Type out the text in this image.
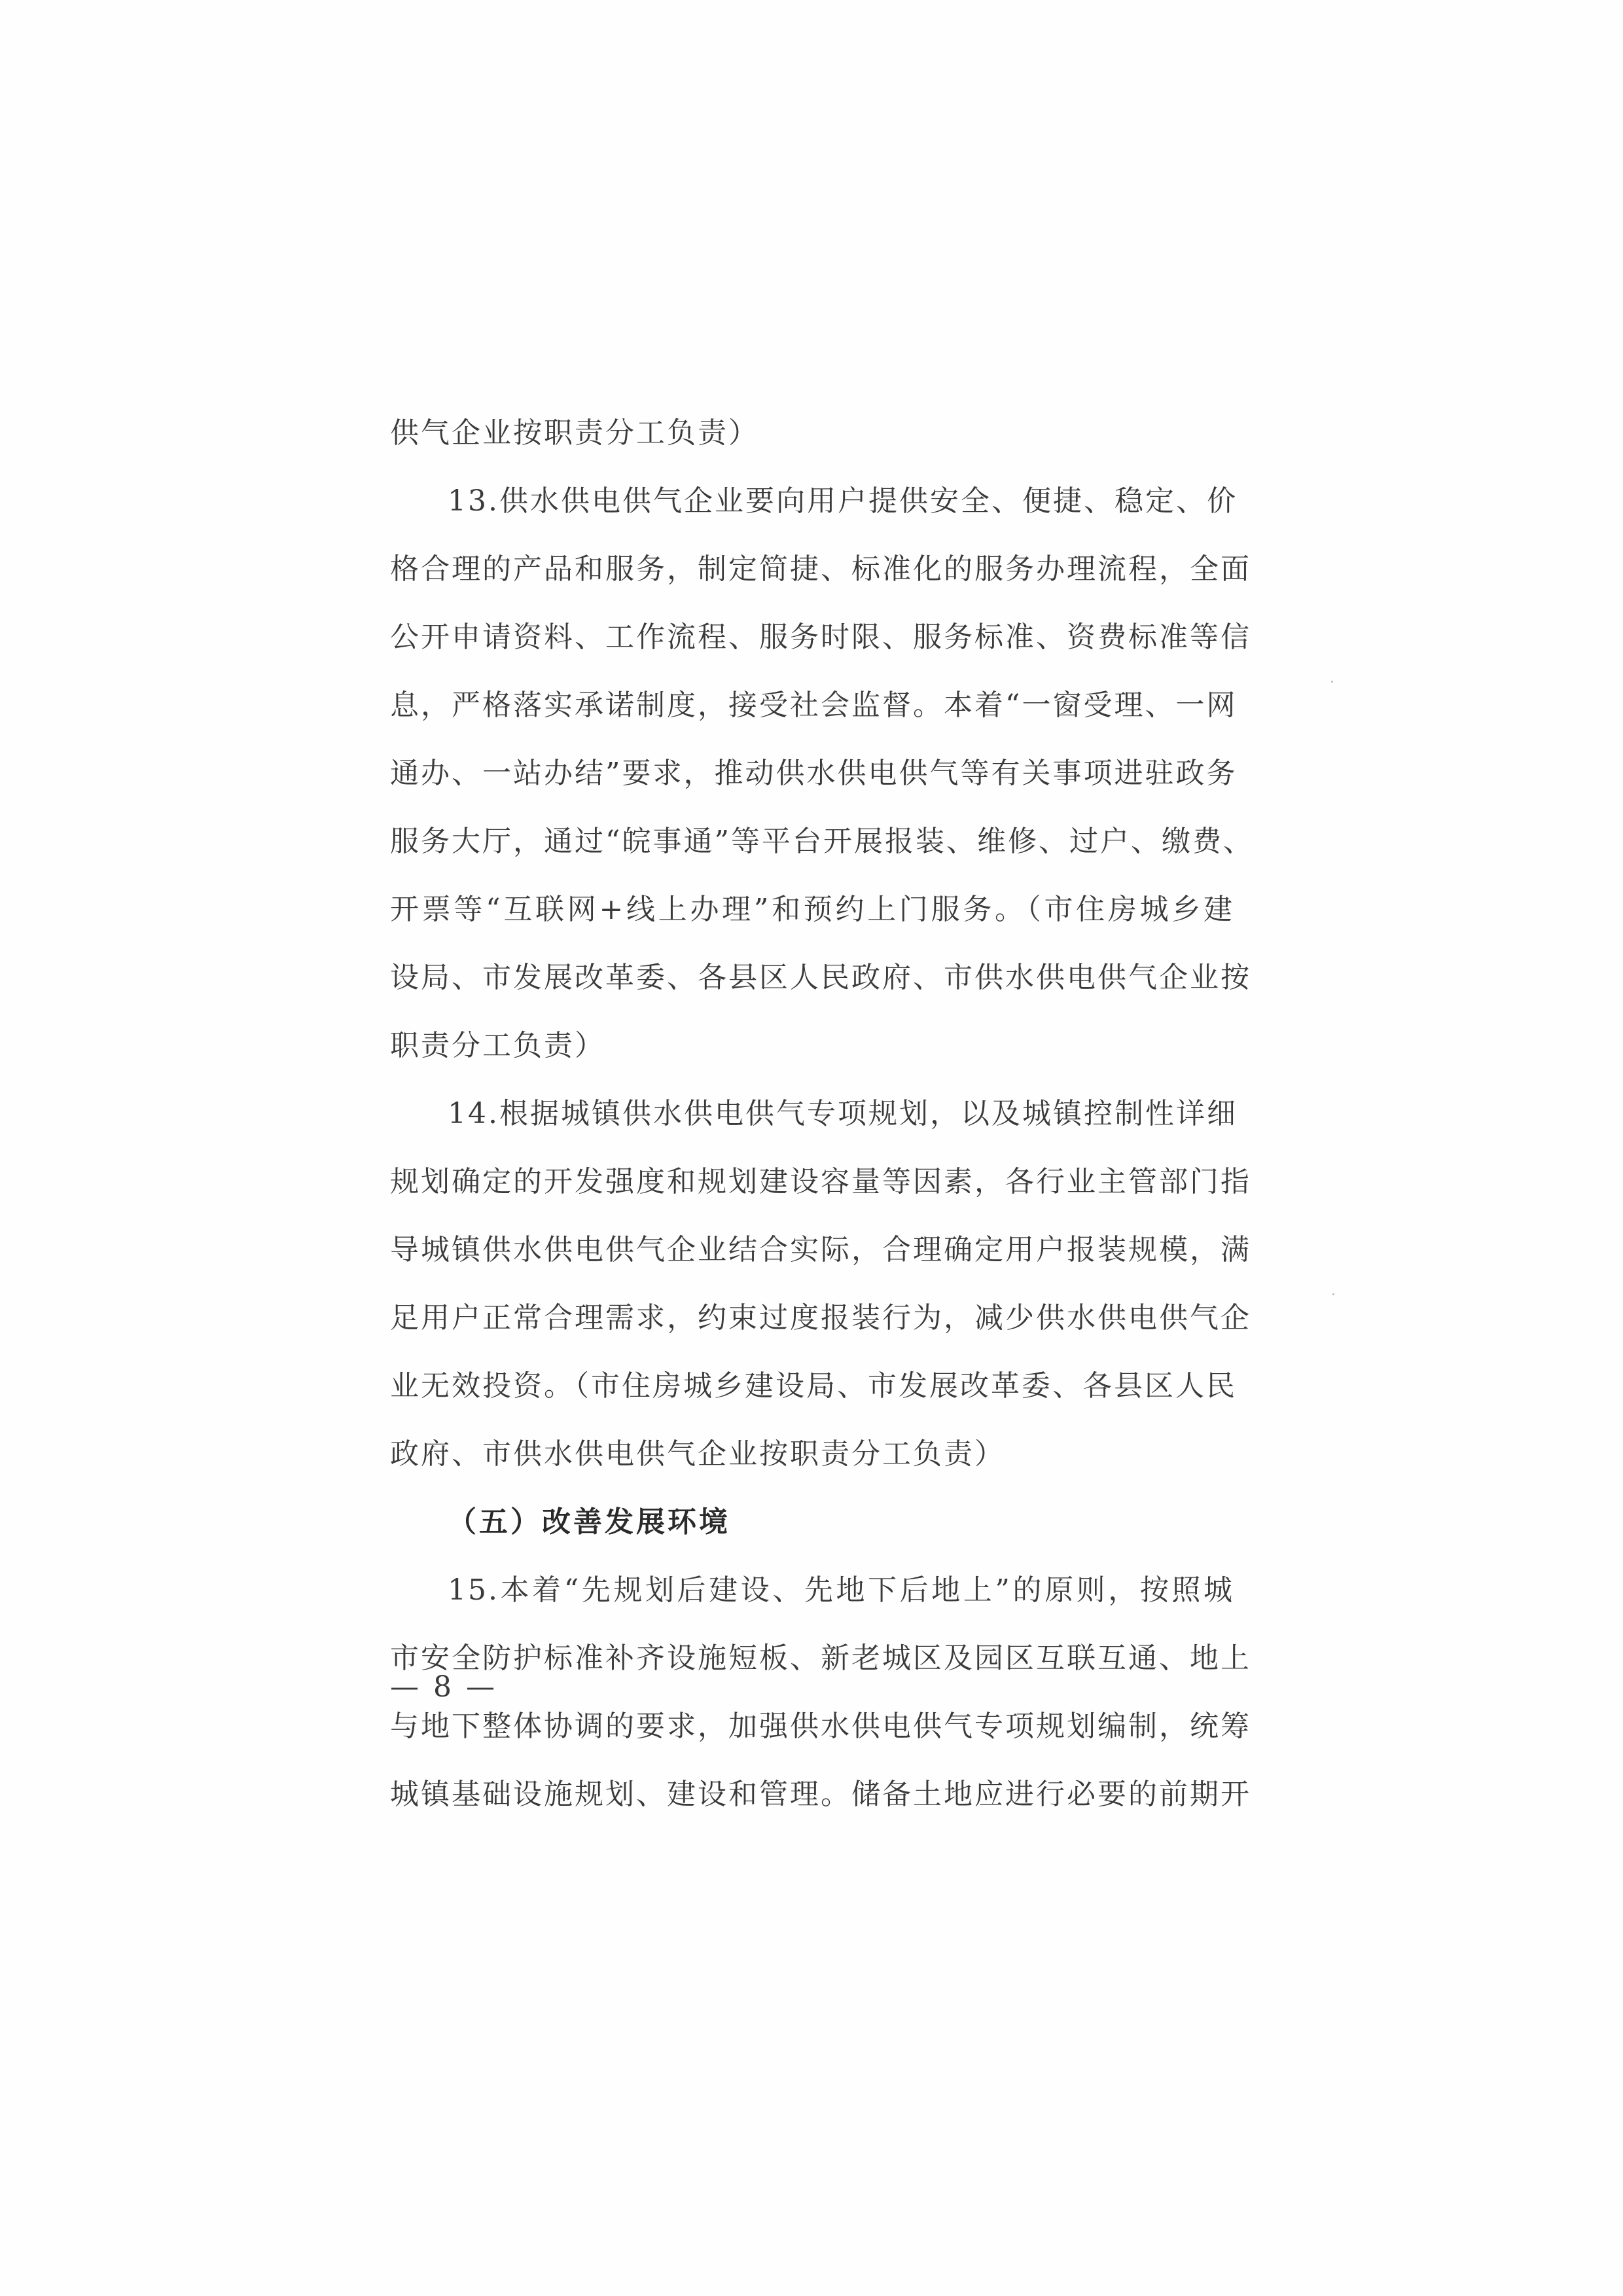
供气企业按职责分工负责）
13.供水供电供气企业要向用户提供安全、便捷、稳定、价
格合理的产品和服务，制定简捷、标准化的服务办理流程，全面
公开申请资料、工作流程、服务时限、服务标准、资费标准等信
息，严格落实承诺制度，接受社会监督。本着“一窗受理、一网
通办、一站办结”要求，推动供水供电供气等有关事项进驻政务
服务大厅，通过“皖事通”等平台开展报装、维修、过户、缴费、
开票等“互联网+线上办理”和预约上门服务。（市住房城乡建
设局、市发展改革委、各县区人民政府、市供水供电供气企业按
职责分工负责）
14.根据城镇供水供电供气专项规划，以及城镇控制性详细
规划确定的开发强度和规划建设容量等因素，各行业主管部门指
导城镇供水供电供气企业结合实际，合理确定用户报装规模，满
足用户正常合理需求，约束过度报装行为，减少供水供电供气企
业无效投资。（市住房城乡建设局、市发展改革委、各县区人民
政府、市供水供电供气企业按职责分工负责）
（五）改善发展环境
15.本着“先规划后建设、先地下后地上”的原则，按照城
市安全防护标准补齐设施短板、新老城区及园区互联互通、地上
与地下整体协调的要求，加强供水供电供气专项规划编制，统筹
城镇基础设施规划、建设和管理。储备土地应进行必要的前期开
— 8 —
